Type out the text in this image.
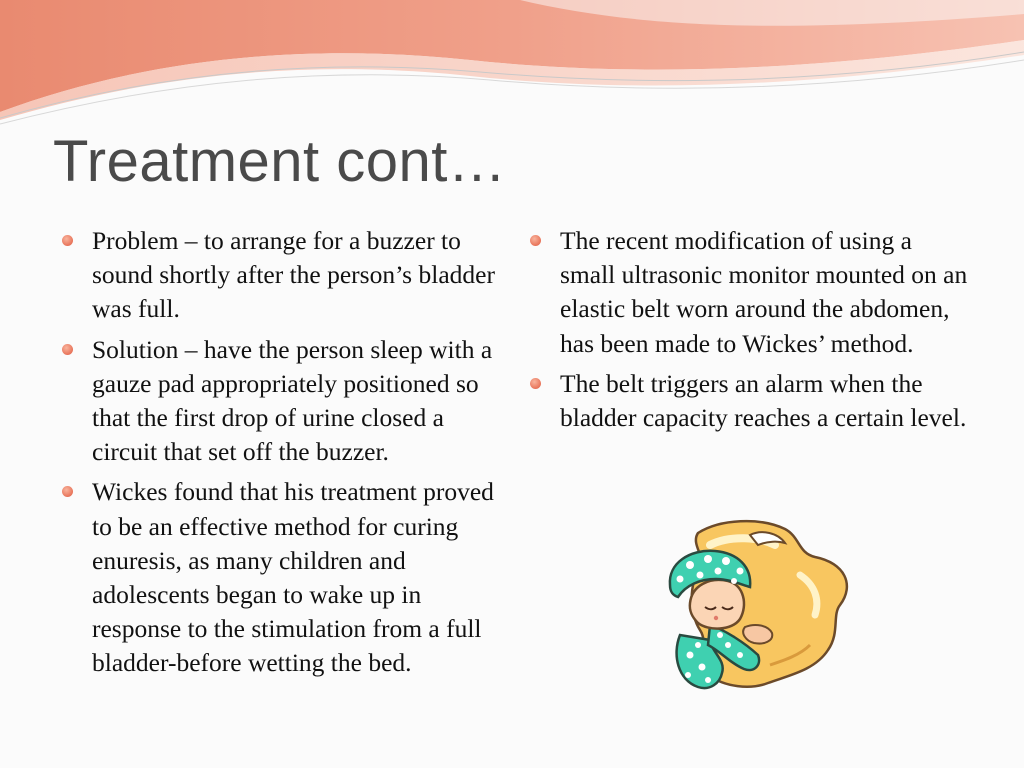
Treatment cont…
Problem – to arrange for a buzzer to sound shortly after the person’s bladder was full.
Solution – have the person sleep with a gauze pad appropriately positioned so that the first drop of urine closed a circuit that set off the buzzer.
Wickes found that his treatment proved to be an effective method for curing enuresis, as many children and adolescents began to wake up in response to the stimulation from a full bladder-before wetting the bed.
The recent modification of using a small ultrasonic monitor mounted on an elastic belt worn around the abdomen, has been made to Wickes’ method.
The belt triggers an alarm when the bladder capacity reaches a certain level.
